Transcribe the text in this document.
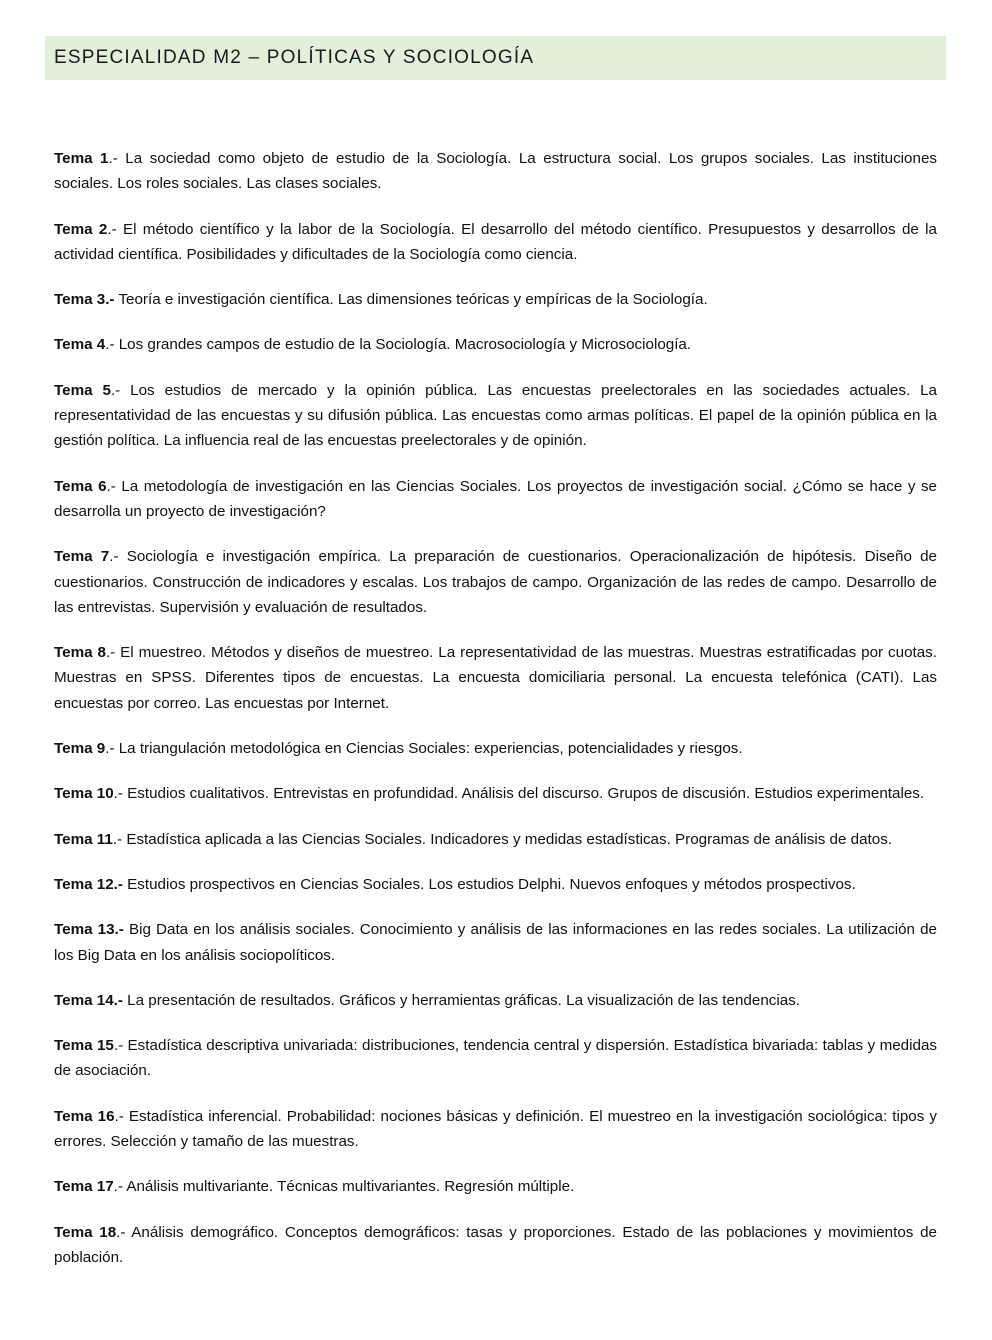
ESPECIALIDAD M2 – POLÍTICAS Y SOCIOLOGÍA

Tema 1.- La sociedad como objeto de estudio de la Sociología. La estructura social. Los grupos sociales. Las instituciones sociales. Los roles sociales. Las clases sociales.

Tema 2.- El método científico y la labor de la Sociología. El desarrollo del método científico. Presupuestos y desarrollos de la actividad científica. Posibilidades y dificultades de la Sociología como ciencia.

Tema 3.- Teoría e investigación científica. Las dimensiones teóricas y empíricas de la Sociología.

Tema 4.- Los grandes campos de estudio de la Sociología. Macrosociología y Microsociología.

Tema 5.- Los estudios de mercado y la opinión pública. Las encuestas preelectorales en las sociedades actuales. La representatividad de las encuestas y su difusión pública. Las encuestas como armas políticas. El papel de la opinión pública en la gestión política. La influencia real de las encuestas preelectorales y de opinión.

Tema 6.- La metodología de investigación en las Ciencias Sociales. Los proyectos de investigación social. ¿Cómo se hace y se desarrolla un proyecto de investigación?

Tema 7.- Sociología e investigación empírica. La preparación de cuestionarios. Operacionalización de hipótesis. Diseño de cuestionarios. Construcción de indicadores y escalas. Los trabajos de campo. Organización de las redes de campo. Desarrollo de las entrevistas. Supervisión y evaluación de resultados.

Tema 8.- El muestreo. Métodos y diseños de muestreo. La representatividad de las muestras. Muestras estratificadas por cuotas. Muestras en SPSS. Diferentes tipos de encuestas. La encuesta domiciliaria personal. La encuesta telefónica (CATI). Las encuestas por correo. Las encuestas por Internet.

Tema 9.- La triangulación metodológica en Ciencias Sociales: experiencias, potencialidades y riesgos.

Tema 10.- Estudios cualitativos. Entrevistas en profundidad. Análisis del discurso. Grupos de discusión. Estudios experimentales.

Tema 11.- Estadística aplicada a las Ciencias Sociales. Indicadores y medidas estadísticas. Programas de análisis de datos.

Tema 12.- Estudios prospectivos en Ciencias Sociales. Los estudios Delphi. Nuevos enfoques y métodos prospectivos.

Tema 13.- Big Data en los análisis sociales. Conocimiento y análisis de las informaciones en las redes sociales. La utilización de los Big Data en los análisis sociopolíticos.

Tema 14.- La presentación de resultados. Gráficos y herramientas gráficas. La visualización de las tendencias.

Tema 15.- Estadística descriptiva univariada: distribuciones, tendencia central y dispersión. Estadística bivariada: tablas y medidas de asociación.

Tema 16.- Estadística inferencial. Probabilidad: nociones básicas y definición. El muestreo en la investigación sociológica: tipos y errores. Selección y tamaño de las muestras.

Tema 17.- Análisis multivariante. Técnicas multivariantes. Regresión múltiple.

Tema 18.- Análisis demográfico. Conceptos demográficos: tasas y proporciones. Estado de las poblaciones y movimientos de población.
